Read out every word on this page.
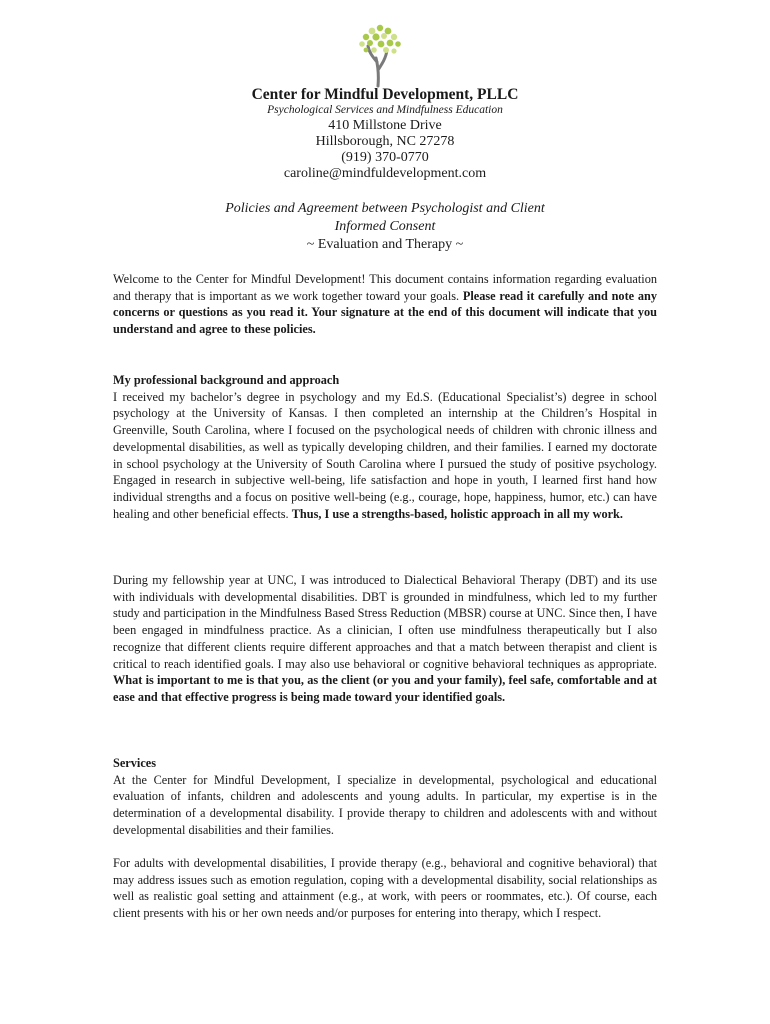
Center for Mindful Development, PLLC
Psychological Services and Mindfulness Education
410 Millstone Drive
Hillsborough, NC 27278
(919) 370-0770
caroline@mindfuldevelopment.com
Policies and Agreement between Psychologist and Client
Informed Consent
~ Evaluation and Therapy ~

Welcome to the Center for Mindful Development! This document contains information regarding evaluation and therapy that is important as we work together toward your goals. Please read it carefully and note any concerns or questions as you read it. Your signature at the end of this document will indicate that you understand and agree to these policies.

My professional background and approach

I received my bachelor’s degree in psychology and my Ed.S. (Educational Specialist’s) degree in school psychology at the University of Kansas. I then completed an internship at the Children’s Hospital in Greenville, South Carolina, where I focused on the psychological needs of children with chronic illness and developmental disabilities, as well as typically developing children, and their families. I earned my doctorate in school psychology at the University of South Carolina where I pursued the study of positive psychology. Engaged in research in subjective well-being, life satisfaction and hope in youth, I learned first hand how individual strengths and a focus on positive well-being (e.g., courage, hope, happiness, humor, etc.) can have healing and other beneficial effects. Thus, I use a strengths-based, holistic approach in all my work.

During my fellowship year at UNC, I was introduced to Dialectical Behavioral Therapy (DBT) and its use with individuals with developmental disabilities. DBT is grounded in mindfulness, which led to my further study and participation in the Mindfulness Based Stress Reduction (MBSR) course at UNC. Since then, I have been engaged in mindfulness practice. As a clinician, I often use mindfulness therapeutically but I also recognize that different clients require different approaches and that a match between therapist and client is critical to reach identified goals. I may also use behavioral or cognitive behavioral techniques as appropriate. What is important to me is that you, as the client (or you and your family), feel safe, comfortable and at ease and that effective progress is being made toward your identified goals.

Services

At the Center for Mindful Development, I specialize in developmental, psychological and educational evaluation of infants, children and adolescents and young adults. In particular, my expertise is in the determination of a developmental disability. I provide therapy to children and adolescents with and without developmental disabilities and their families.

For adults with developmental disabilities, I provide therapy (e.g., behavioral and cognitive behavioral) that may address issues such as emotion regulation, coping with a developmental disability, social relationships as well as realistic goal setting and attainment (e.g., at work, with peers or roommates, etc.). Of course, each client presents with his or her own needs and/or purposes for entering into therapy, which I respect.
